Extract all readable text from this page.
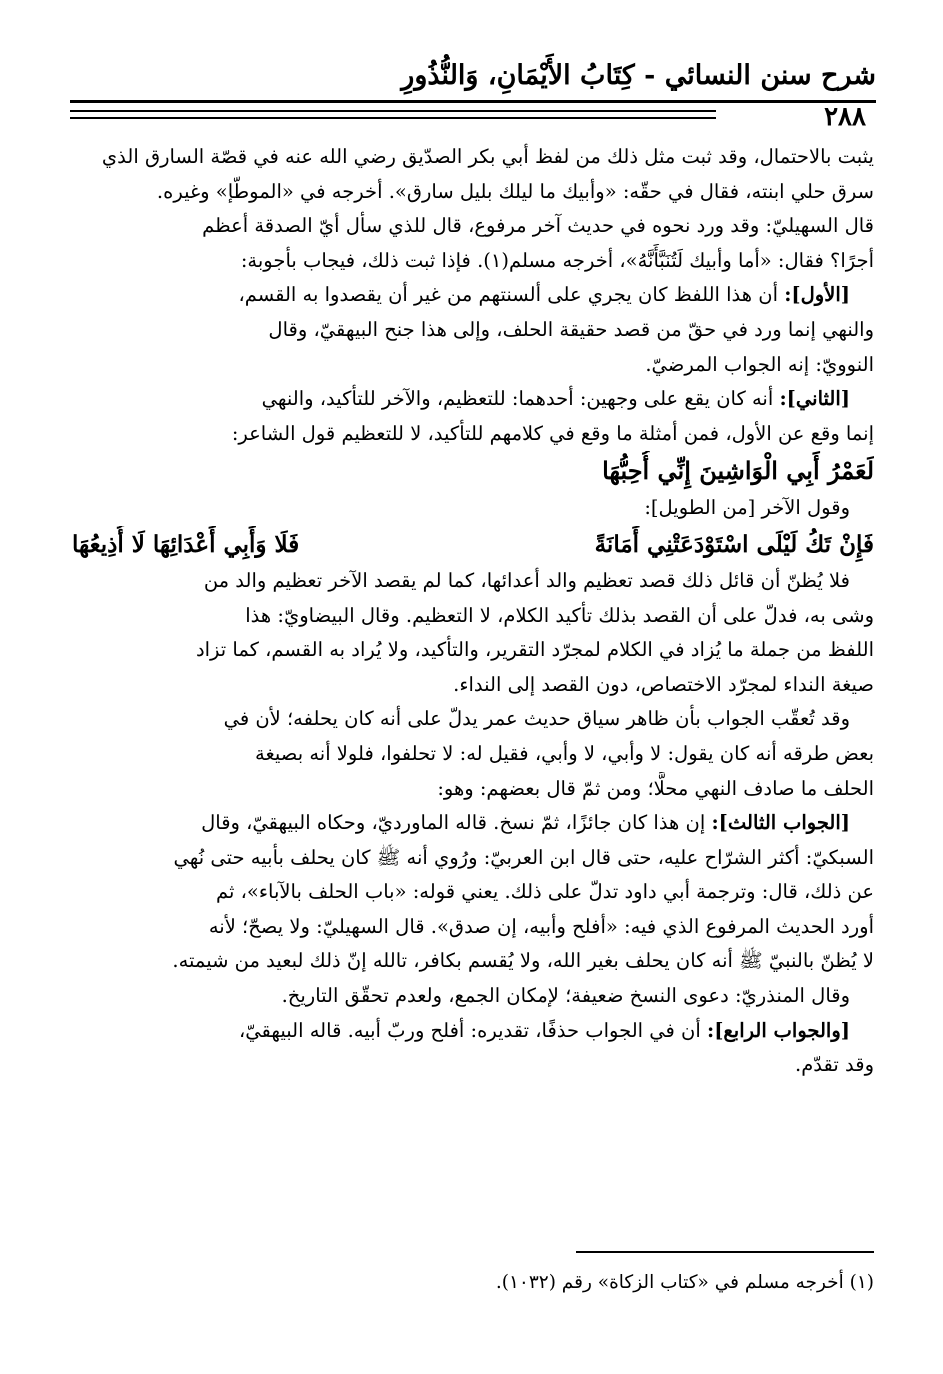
شرح سنن النسائي - كِتَابُ الأَيْمَانِ، وَالنُّذُورِ
٢٨٨
يثبت بالاحتمال، وقد ثبت مثل ذلك من لفظ أبي بكر الصدّيق رضي الله عنه في قصّة السارق الذي
سرق حلي ابنته، فقال في حقّه: «وأبيك ما ليلك بليل سارق». أخرجه في «الموطّإ» وغيره.
قال السهيليّ: وقد ورد نحوه في حديث آخر مرفوع، قال للذي سأل أيّ الصدقة أعظم
أجرًا؟ فقال: «أما وأبيك لَتُنَبَّأَنَّهُ»، أخرجه مسلم(١). فإذا ثبت ذلك، فيجاب بأجوبة:
[الأول]: أن هذا اللفظ كان يجري على ألسنتهم من غير أن يقصدوا به القسم،
والنهي إنما ورد في حقّ من قصد حقيقة الحلف، وإلى هذا جنح البيهقيّ، وقال
النوويّ: إنه الجواب المرضيّ.
[الثاني]: أنه كان يقع على وجهين: أحدهما: للتعظيم، والآخر للتأكيد، والنهي
إنما وقع عن الأول، فمن أمثلة ما وقع في كلامهم للتأكيد، لا للتعظيم قول الشاعر:
لَعَمْرُ أَبِي الْوَاشِينَ إِنِّي أُحِبُّهَا
وقول الآخر [من الطويل]:
فَإِنْ تَكُ لَيْلَى اسْتَوْدَعَتْنِي أَمَانَةً
فَلَا وَأَبِي أَعْدَائِهَا لَا أُذِيعُهَا
فلا يُظنّ أن قائل ذلك قصد تعظيم والد أعدائها، كما لم يقصد الآخر تعظيم والد من
وشى به، فدلّ على أن القصد بذلك تأكيد الكلام، لا التعظيم. وقال البيضاويّ: هذا
اللفظ من جملة ما يُزاد في الكلام لمجرّد التقرير، والتأكيد، ولا يُراد به القسم، كما تزاد
صيغة النداء لمجرّد الاختصاص، دون القصد إلى النداء.
وقد تُعقّب الجواب بأن ظاهر سياق حديث عمر يدلّ على أنه كان يحلفه؛ لأن في
بعض طرقه أنه كان يقول: لا وأبي، لا وأبي، فقيل له: لا تحلفوا، فلولا أنه بصيغة
الحلف ما صادف النهي محلًّا؛ ومن ثمّ قال بعضهم: وهو:
[الجواب الثالث]: إن هذا كان جائزًا، ثمّ نسخ. قاله الماورديّ، وحكاه البيهقيّ، وقال
السبكيّ: أكثر الشرّاح عليه، حتى قال ابن العربيّ: ورُوي أنه ﷺ كان يحلف بأبيه حتى نُهي
عن ذلك، قال: وترجمة أبي داود تدلّ على ذلك. يعني قوله: «باب الحلف بالآباء»، ثم
أورد الحديث المرفوع الذي فيه: «أفلح وأبيه، إن صدق». قال السهيليّ: ولا يصحّ؛ لأنه
لا يُظنّ بالنبيّ ﷺ أنه كان يحلف بغير الله، ولا يُقسم بكافر، تالله إنّ ذلك لبعيد من شيمته.
وقال المنذريّ: دعوى النسخ ضعيفة؛ لإمكان الجمع، ولعدم تحقّق التاريخ.
[والجواب الرابع]: أن في الجواب حذفًا، تقديره: أفلح وربّ أبيه. قاله البيهقيّ،
وقد تقدّم.
(١) أخرجه مسلم في «كتاب الزكاة» رقم (١٠٣٢).
